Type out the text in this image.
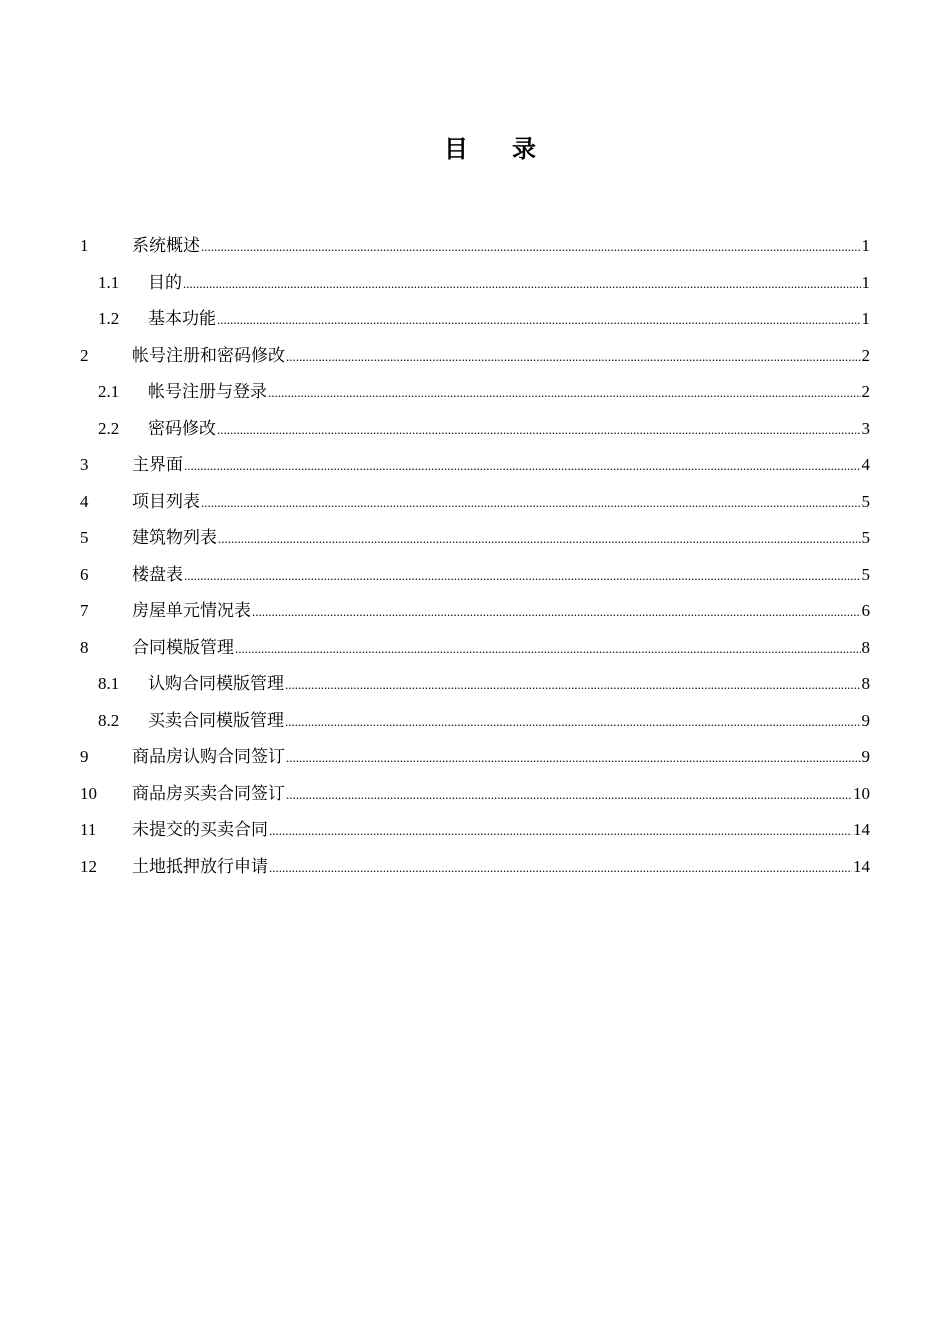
目　录
1	系统概述 .....	1
1.1	目的 .....	1
1.2	基本功能 .....	1
2	帐号注册和密码修改 .....	2
2.1	帐号注册与登录 .....	2
2.2	密码修改 .....	3
3	主界面 .....	4
4	项目列表 .....	5
5	建筑物列表 .....	5
6	楼盘表 .....	5
7	房屋单元情况表 .....	6
8	合同模版管理 .....	8
8.1	认购合同模版管理 .....	8
8.2	买卖合同模版管理 .....	9
9	商品房认购合同签订 .....	9
10	商品房买卖合同签订 .....	10
11	未提交的买卖合同 .....	14
12	土地抵押放行申请 .....	14
